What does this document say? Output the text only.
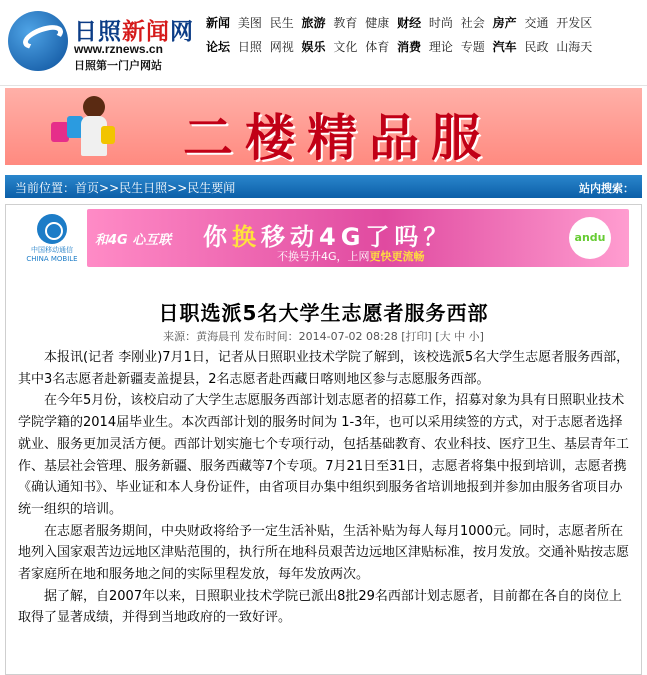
日照新闻网
www.rznews.cn
日照第一门户网站
新闻 美图 民生 旅游 教育 健康 财经 时尚 社会 房产 交通 开发区
论坛 日照 网视 娱乐 文化 体育 消费 理论 专题 汽车 民政 山海天
二楼精品服
当前位置：首页>>民生日照>>民生要闻	站内搜索：
中国移动通信
CHINA MOBILE
和4G 心互联 你换移动4G了吗？
不换号升4G，上网更快更流畅
andu
日职选派5名大学生志愿者服务西部
来源：黄海晨刊 发布时间：2014-07-02 08:28 [打印] [大 中 小]

本报讯(记者 李刚业)7月1日，记者从日照职业技术学院了解到，该校选派5名大学生志愿者服务西部，其中3名志愿者赴新疆麦盖提县，2名志愿者赴西藏日喀则地区参与志愿服务西部。

在今年5月份，该校启动了大学生志愿服务西部计划志愿者的招募工作，招募对象为具有日照职业技术学院学籍的2014届毕业生。本次西部计划的服务时间为 1-3年，也可以采用续签的方式，对于志愿者选择就业、服务更加灵活方便。西部计划实施七个专项行动，包括基础教育、农业科技、医疗卫生、基层青年工作、基层社会管理、服务新疆、服务西藏等7个专项。7月21日至31日，志愿者将集中报到培训，志愿者携《确认通知书》、毕业证和本人身份证件，由省项目办集中组织到服务省培训地报到并参加由服务省项目办统一组织的培训。

在志愿者服务期间，中央财政将给予一定生活补贴，生活补贴为每人每月1000元。同时，志愿者所在地列入国家艰苦边远地区津贴范围的，执行所在地科员艰苦边远地区津贴标准，按月发放。交通补贴按志愿者家庭所在地和服务地之间的实际里程发放，每年发放两次。

据了解，自2007年以来，日照职业技术学院已派出8批29名西部计划志愿者，目前都在各自的岗位上取得了显著成绩，并得到当地政府的一致好评。
